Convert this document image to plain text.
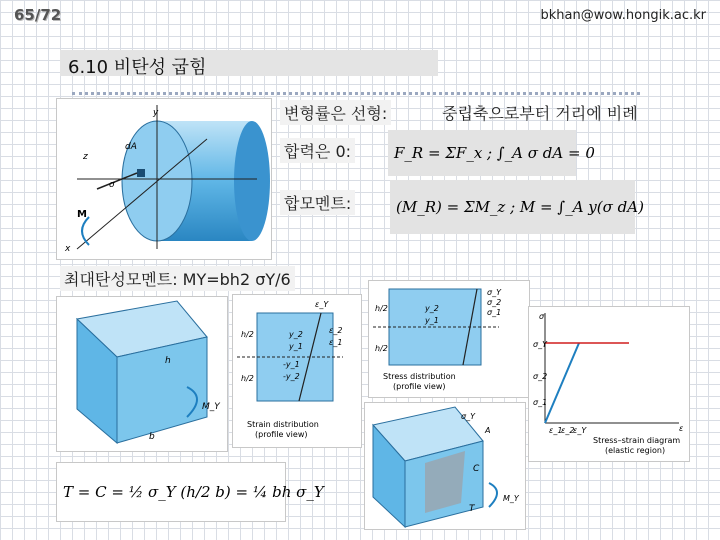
65/72	bkhan@wow.hongik.ac.kr
6.10 비탄성 굽힘
y
dA
z
σ
M
x
변형률은 선형:	중립축으로부터 거리에 비례
합력은 0:
합모멘트:
최대탄성모멘트: MY=bh2 σY/6
F_R = ΣF_x ; ∫_A σ dA = 0
(M_R) = ΣM_z ; M = ∫_A y(σ dA)
h
b
M_Y
ε_Y
ε_2
ε_1
y_2
y_1
-y_1
-y_2
h/2
h/2
Strain distribution
(profile view)
σ_Y
σ_2
σ_1
y_2
y_1
h/2
h/2
Stress distribution
(profile view)
σ
σ_Y
σ_2
σ_1
ε_1
ε_2
ε_Y	ε
Stress–strain diagram
(elastic region)
σ_Y
A
C
T
M_Y
T = C = ½ σ_Y (h/2 b) = ¼ bh σ_Y
